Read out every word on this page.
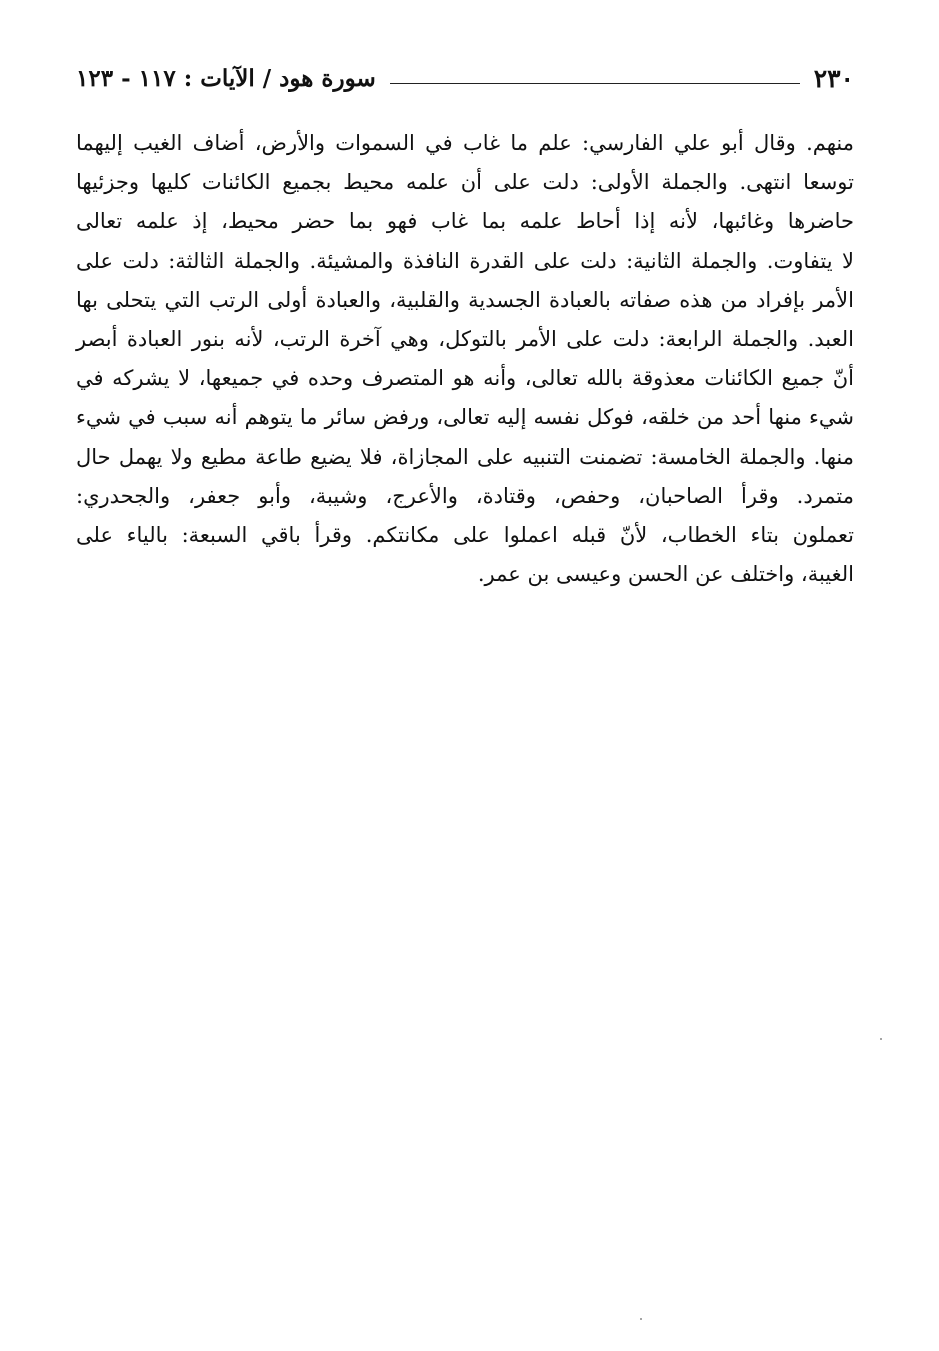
٢٣٠
سورة هود / الآيات : ١١٧ - ١٢٣
منهم. وقال أبو علي الفارسي: علم ما غاب في السموات والأرض، أضاف الغيب إليهما
توسعا انتهى. والجملة الأولى: دلت على أن علمه محيط بجميع الكائنات كليها وجزئيها
حاضرها وغائبها، لأنه إذا أحاط علمه بما غاب فهو بما حضر محيط، إذ علمه تعالى
لا يتفاوت. والجملة الثانية: دلت على القدرة النافذة والمشيئة. والجملة الثالثة: دلت على
الأمر بإفراد من هذه صفاته بالعبادة الجسدية والقلبية، والعبادة أولى الرتب التي يتحلى بها
العبد. والجملة الرابعة: دلت على الأمر بالتوكل، وهي آخرة الرتب، لأنه بنور العبادة أبصر
أنّ جميع الكائنات معذوقة بالله تعالى، وأنه هو المتصرف وحده في جميعها، لا يشركه في
شيء منها أحد من خلقه، فوكل نفسه إليه تعالى، ورفض سائر ما يتوهم أنه سبب في شيء
منها. والجملة الخامسة: تضمنت التنبيه على المجازاة، فلا يضيع طاعة مطيع ولا يهمل حال
متمرد. وقرأ الصاحبان، وحفص، وقتادة، والأعرج، وشيبة، وأبو جعفر، والجحدري:
تعملون بتاء الخطاب، لأنّ قبله اعملوا على مكانتكم. وقرأ باقي السبعة: بالياء على
الغيبة، واختلف عن الحسن وعيسى بن عمر.
